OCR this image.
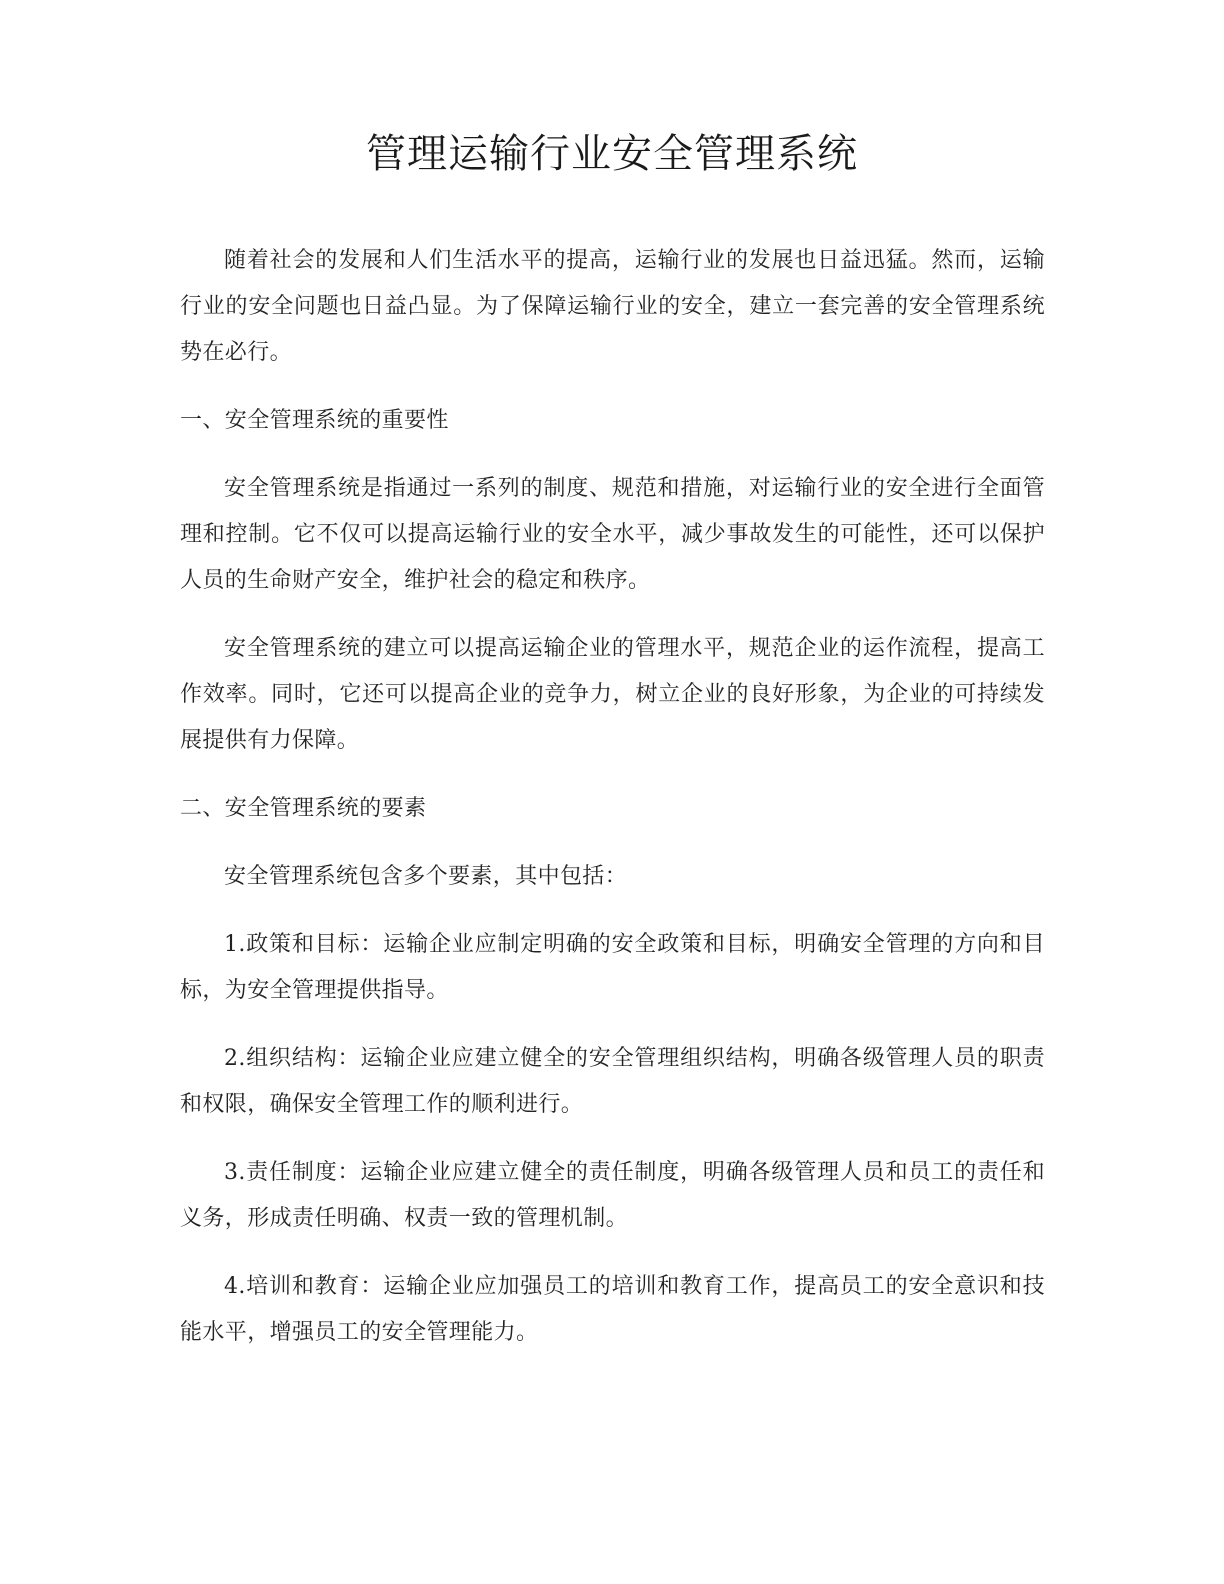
管理运输行业安全管理系统

随着社会的发展和人们生活水平的提高，运输行业的发展也日益迅猛。然而，运输行业的安全问题也日益凸显。为了保障运输行业的安全，建立一套完善的安全管理系统势在必行。

一、安全管理系统的重要性

安全管理系统是指通过一系列的制度、规范和措施，对运输行业的安全进行全面管理和控制。它不仅可以提高运输行业的安全水平，减少事故发生的可能性，还可以保护人员的生命财产安全，维护社会的稳定和秩序。

安全管理系统的建立可以提高运输企业的管理水平，规范企业的运作流程，提高工作效率。同时，它还可以提高企业的竞争力，树立企业的良好形象，为企业的可持续发展提供有力保障。

二、安全管理系统的要素

安全管理系统包含多个要素，其中包括：

1.政策和目标：运输企业应制定明确的安全政策和目标，明确安全管理的方向和目标，为安全管理提供指导。

2.组织结构：运输企业应建立健全的安全管理组织结构，明确各级管理人员的职责和权限，确保安全管理工作的顺利进行。

3.责任制度：运输企业应建立健全的责任制度，明确各级管理人员和员工的责任和义务，形成责任明确、权责一致的管理机制。

4.培训和教育：运输企业应加强员工的培训和教育工作，提高员工的安全意识和技能水平，增强员工的安全管理能力。
